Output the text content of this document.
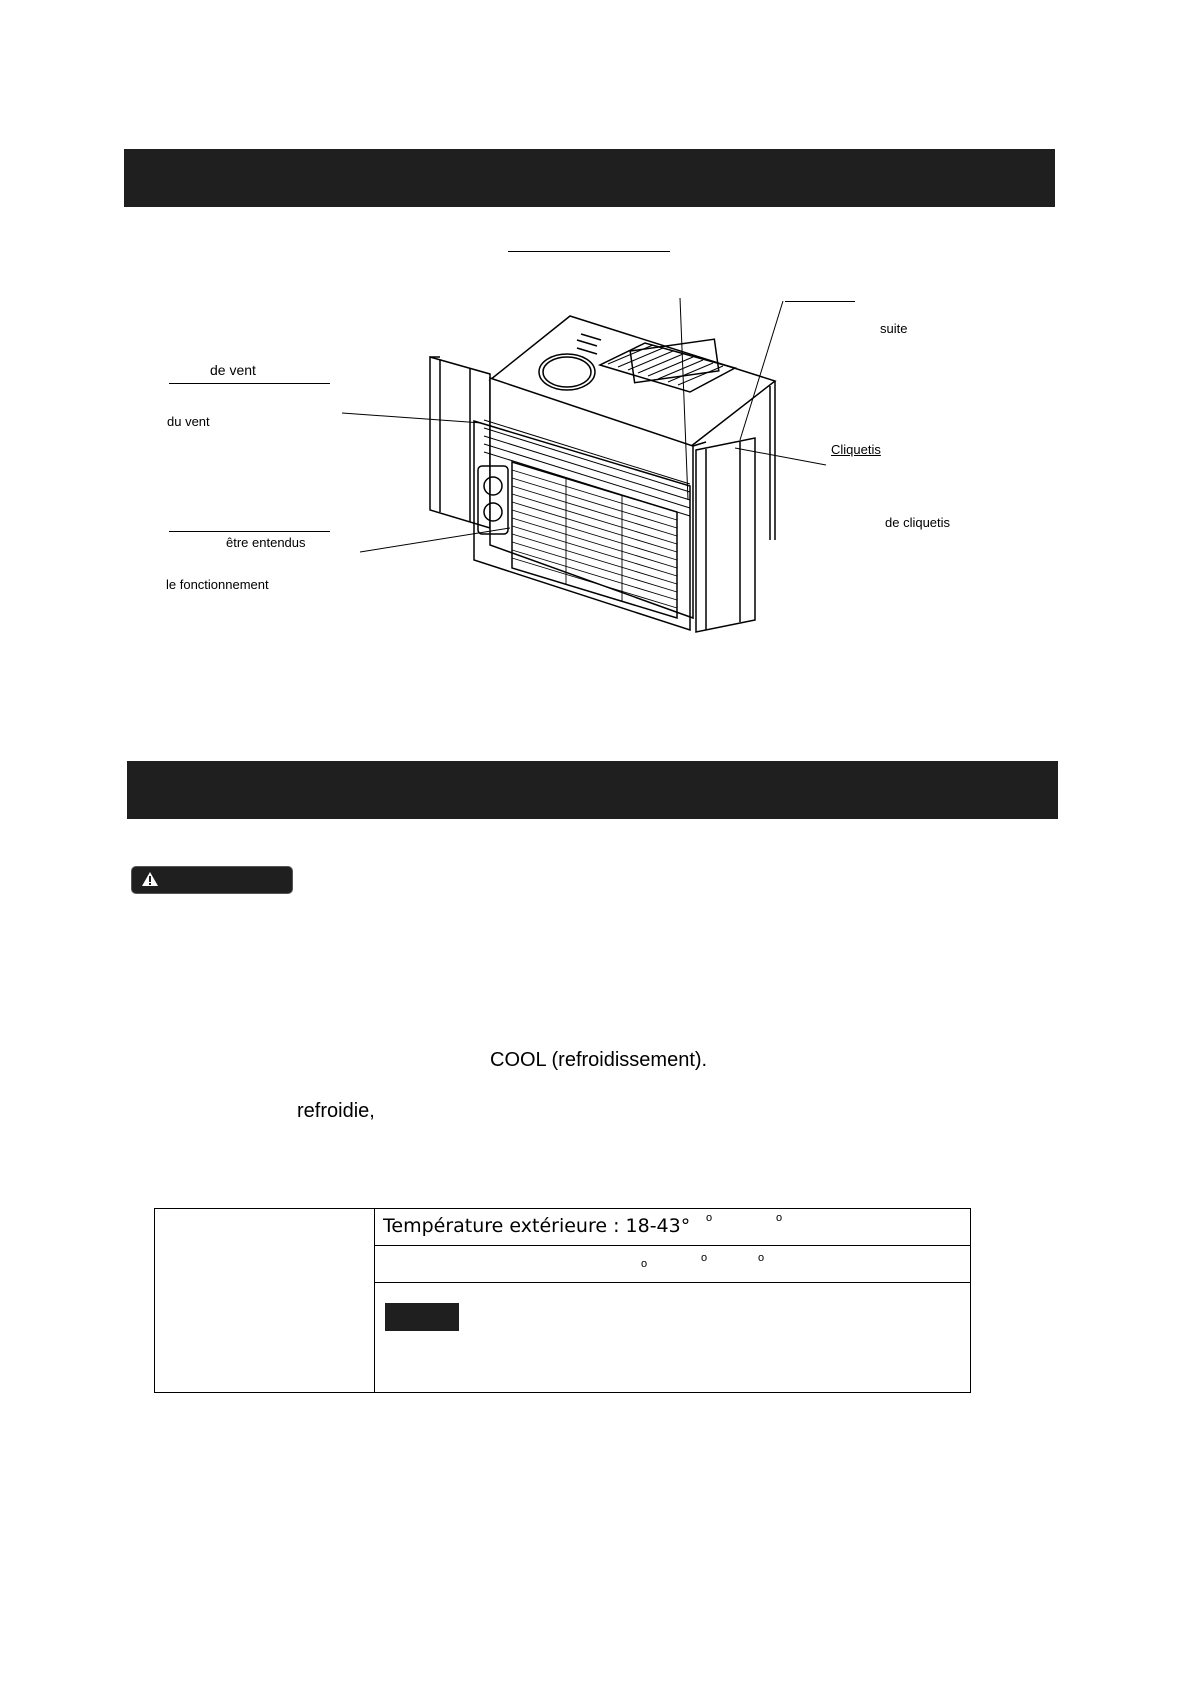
de vent
du vent
être entendus
le fonctionnement
suite
Cliquetis
de cliquetis
COOL (refroidissement).
refroidie,

Température extérieure : 18-43°	o	o

o	o	o
